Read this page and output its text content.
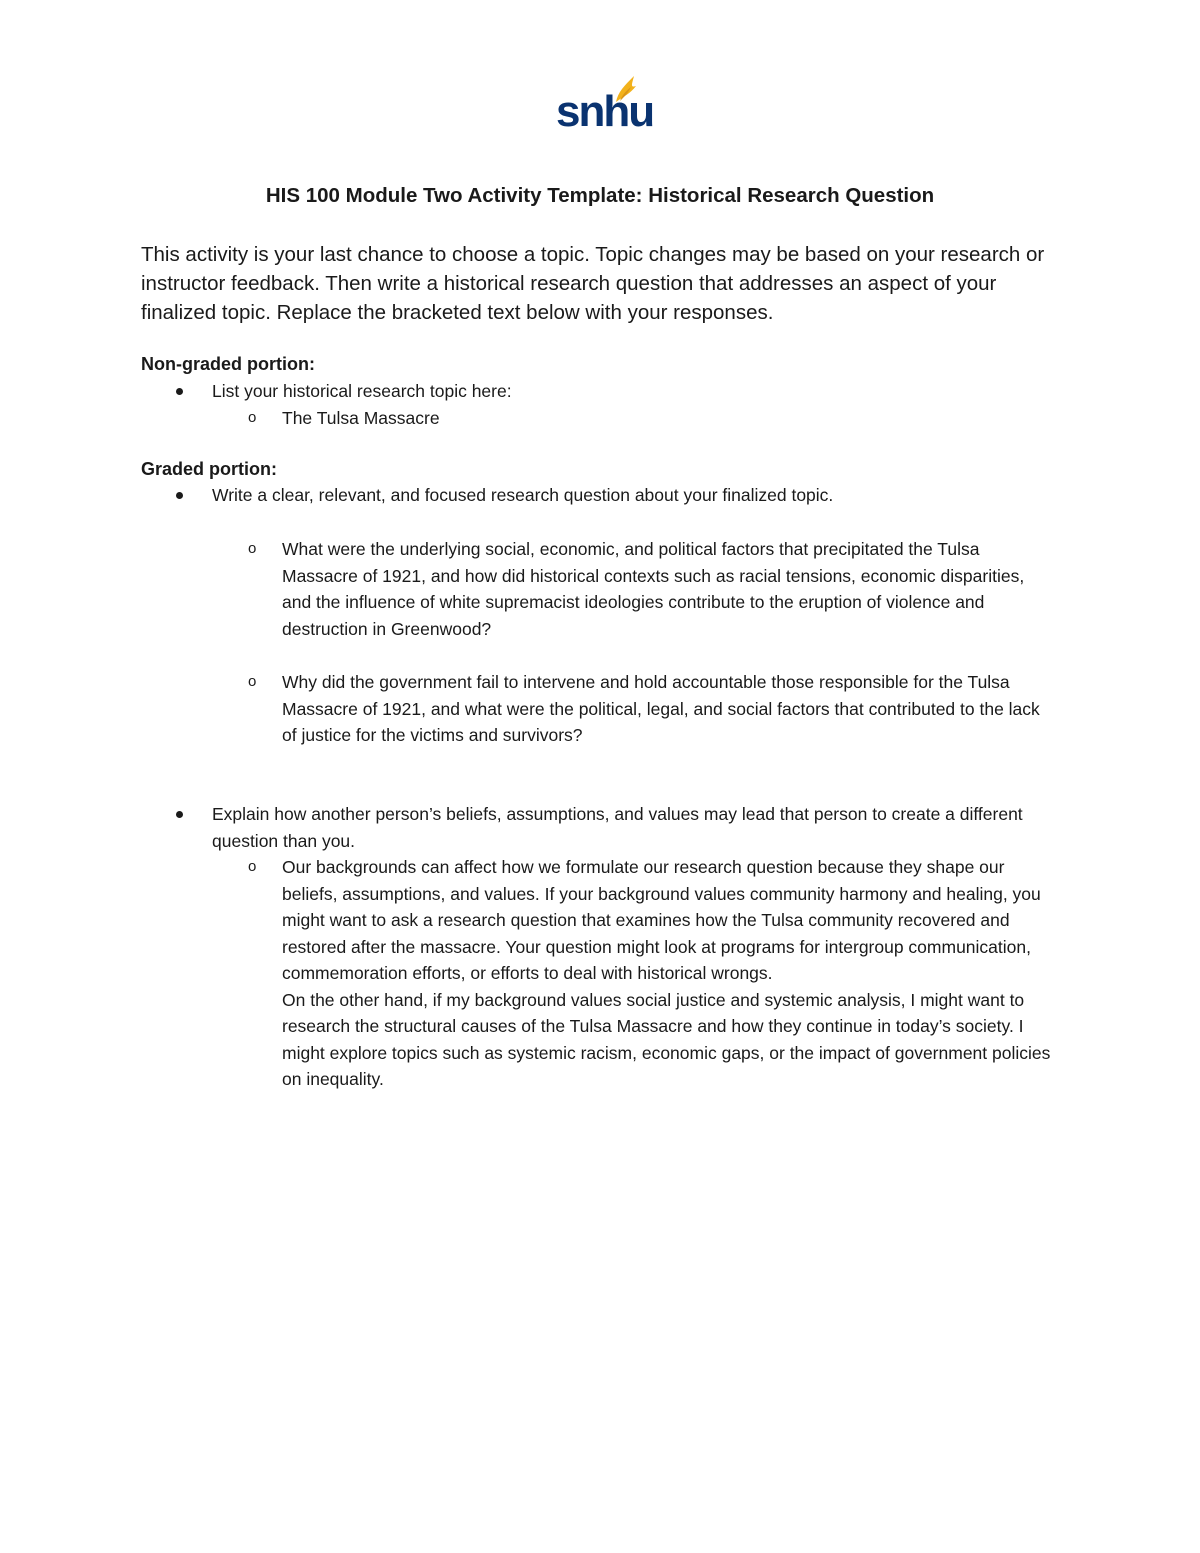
snhu
HIS 100 Module Two Activity Template: Historical Research Question

This activity is your last chance to choose a topic. Topic changes may be based on your research or instructor feedback. Then write a historical research question that addresses an aspect of your finalized topic. Replace the bracketed text below with your responses.

Non-graded portion:

List your historical research topic here:

o The Tulsa Massacre

Graded portion:

Write a clear, relevant, and focused research question about your finalized topic.

o What were the underlying social, economic, and political factors that precipitated the Tulsa Massacre of 1921, and how did historical contexts such as racial tensions, economic disparities, and the influence of white supremacist ideologies contribute to the eruption of violence and destruction in Greenwood?

o Why did the government fail to intervene and hold accountable those responsible for the Tulsa Massacre of 1921, and what were the political, legal, and social factors that contributed to the lack of justice for the victims and survivors?

Explain how another person’s beliefs, assumptions, and values may lead that person to create a different question than you.

o Our backgrounds can affect how we formulate our research question because they shape our beliefs, assumptions, and values. If your background values community harmony and healing, you might want to ask a research question that examines how the Tulsa community recovered and restored after the massacre. Your question might look at programs for intergroup communication, commemoration efforts, or efforts to deal with historical wrongs.

On the other hand, if my background values social justice and systemic analysis, I might want to research the structural causes of the Tulsa Massacre and how they continue in today’s society. I might explore topics such as systemic racism, economic gaps, or the impact of government policies on inequality.
